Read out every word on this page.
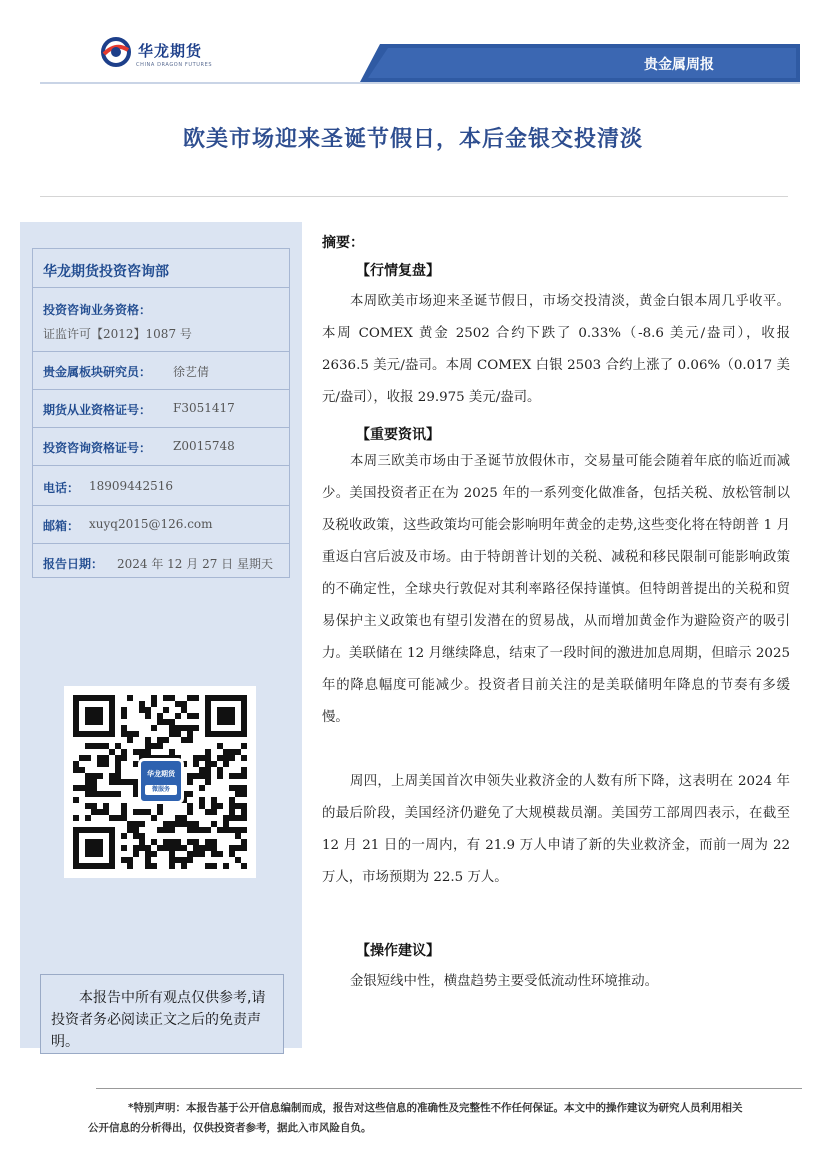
华龙期货
CHINA DRAGON FUTURES	贵金属周报
欧美市场迎来圣诞节假日，本后金银交投清淡
华龙期货投资咨询部
投资咨询业务资格：
证监许可【2012】1087 号
贵金属板块研究员： 徐艺倩
期货从业资格证号： F3051417
投资咨询资格证号： Z0015748
电话： 18909442516
邮箱： xuyq2015@126.com
报告日期： 2024 年 12 月 27 日 星期天
华龙期货
微服务
本报告中所有观点仅供参考,请投资者务必阅读正文之后的免责声明。
摘要：
【行情复盘】
本周欧美市场迎来圣诞节假日，市场交投清淡，黄金白银本周几乎收平。本周 COMEX 黄金 2502 合约下跌了 0.33%（-8.6 美元/盎司），收报 2636.5 美元/盎司。本周 COMEX 白银 2503 合约上涨了 0.06%（0.017 美元/盎司），收报 29.975 美元/盎司。
【重要资讯】
本周三欧美市场由于圣诞节放假休市，交易量可能会随着年底的临近而减少。美国投资者正在为 2025 年的一系列变化做准备，包括关税、放松管制以及税收政策，这些政策均可能会影响明年黄金的走势,这些变化将在特朗普 1 月重返白宫后波及市场。由于特朗普计划的关税、减税和移民限制可能影响政策的不确定性，全球央行敦促对其利率路径保持谨慎。但特朗普提出的关税和贸易保护主义政策也有望引发潜在的贸易战，从而增加黄金作为避险资产的吸引力。美联储在 12 月继续降息，结束了一段时间的激进加息周期，但暗示 2025 年的降息幅度可能减少。投资者目前关注的是美联储明年降息的节奏有多缓慢。
周四，上周美国首次申领失业救济金的人数有所下降，这表明在 2024 年的最后阶段，美国经济仍避免了大规模裁员潮。美国劳工部周四表示，在截至 12 月 21 日的一周内，有 21.9 万人申请了新的失业救济金，而前一周为 22 万人，市场预期为 22.5 万人。
【操作建议】
金银短线中性，横盘趋势主要受低流动性环境推动。
*特别声明：本报告基于公开信息编制而成，报告对这些信息的准确性及完整性不作任何保证。本文中的操作建议为研究人员利用相关公开信息的分析得出，仅供投资者参考，据此入市风险自负。
